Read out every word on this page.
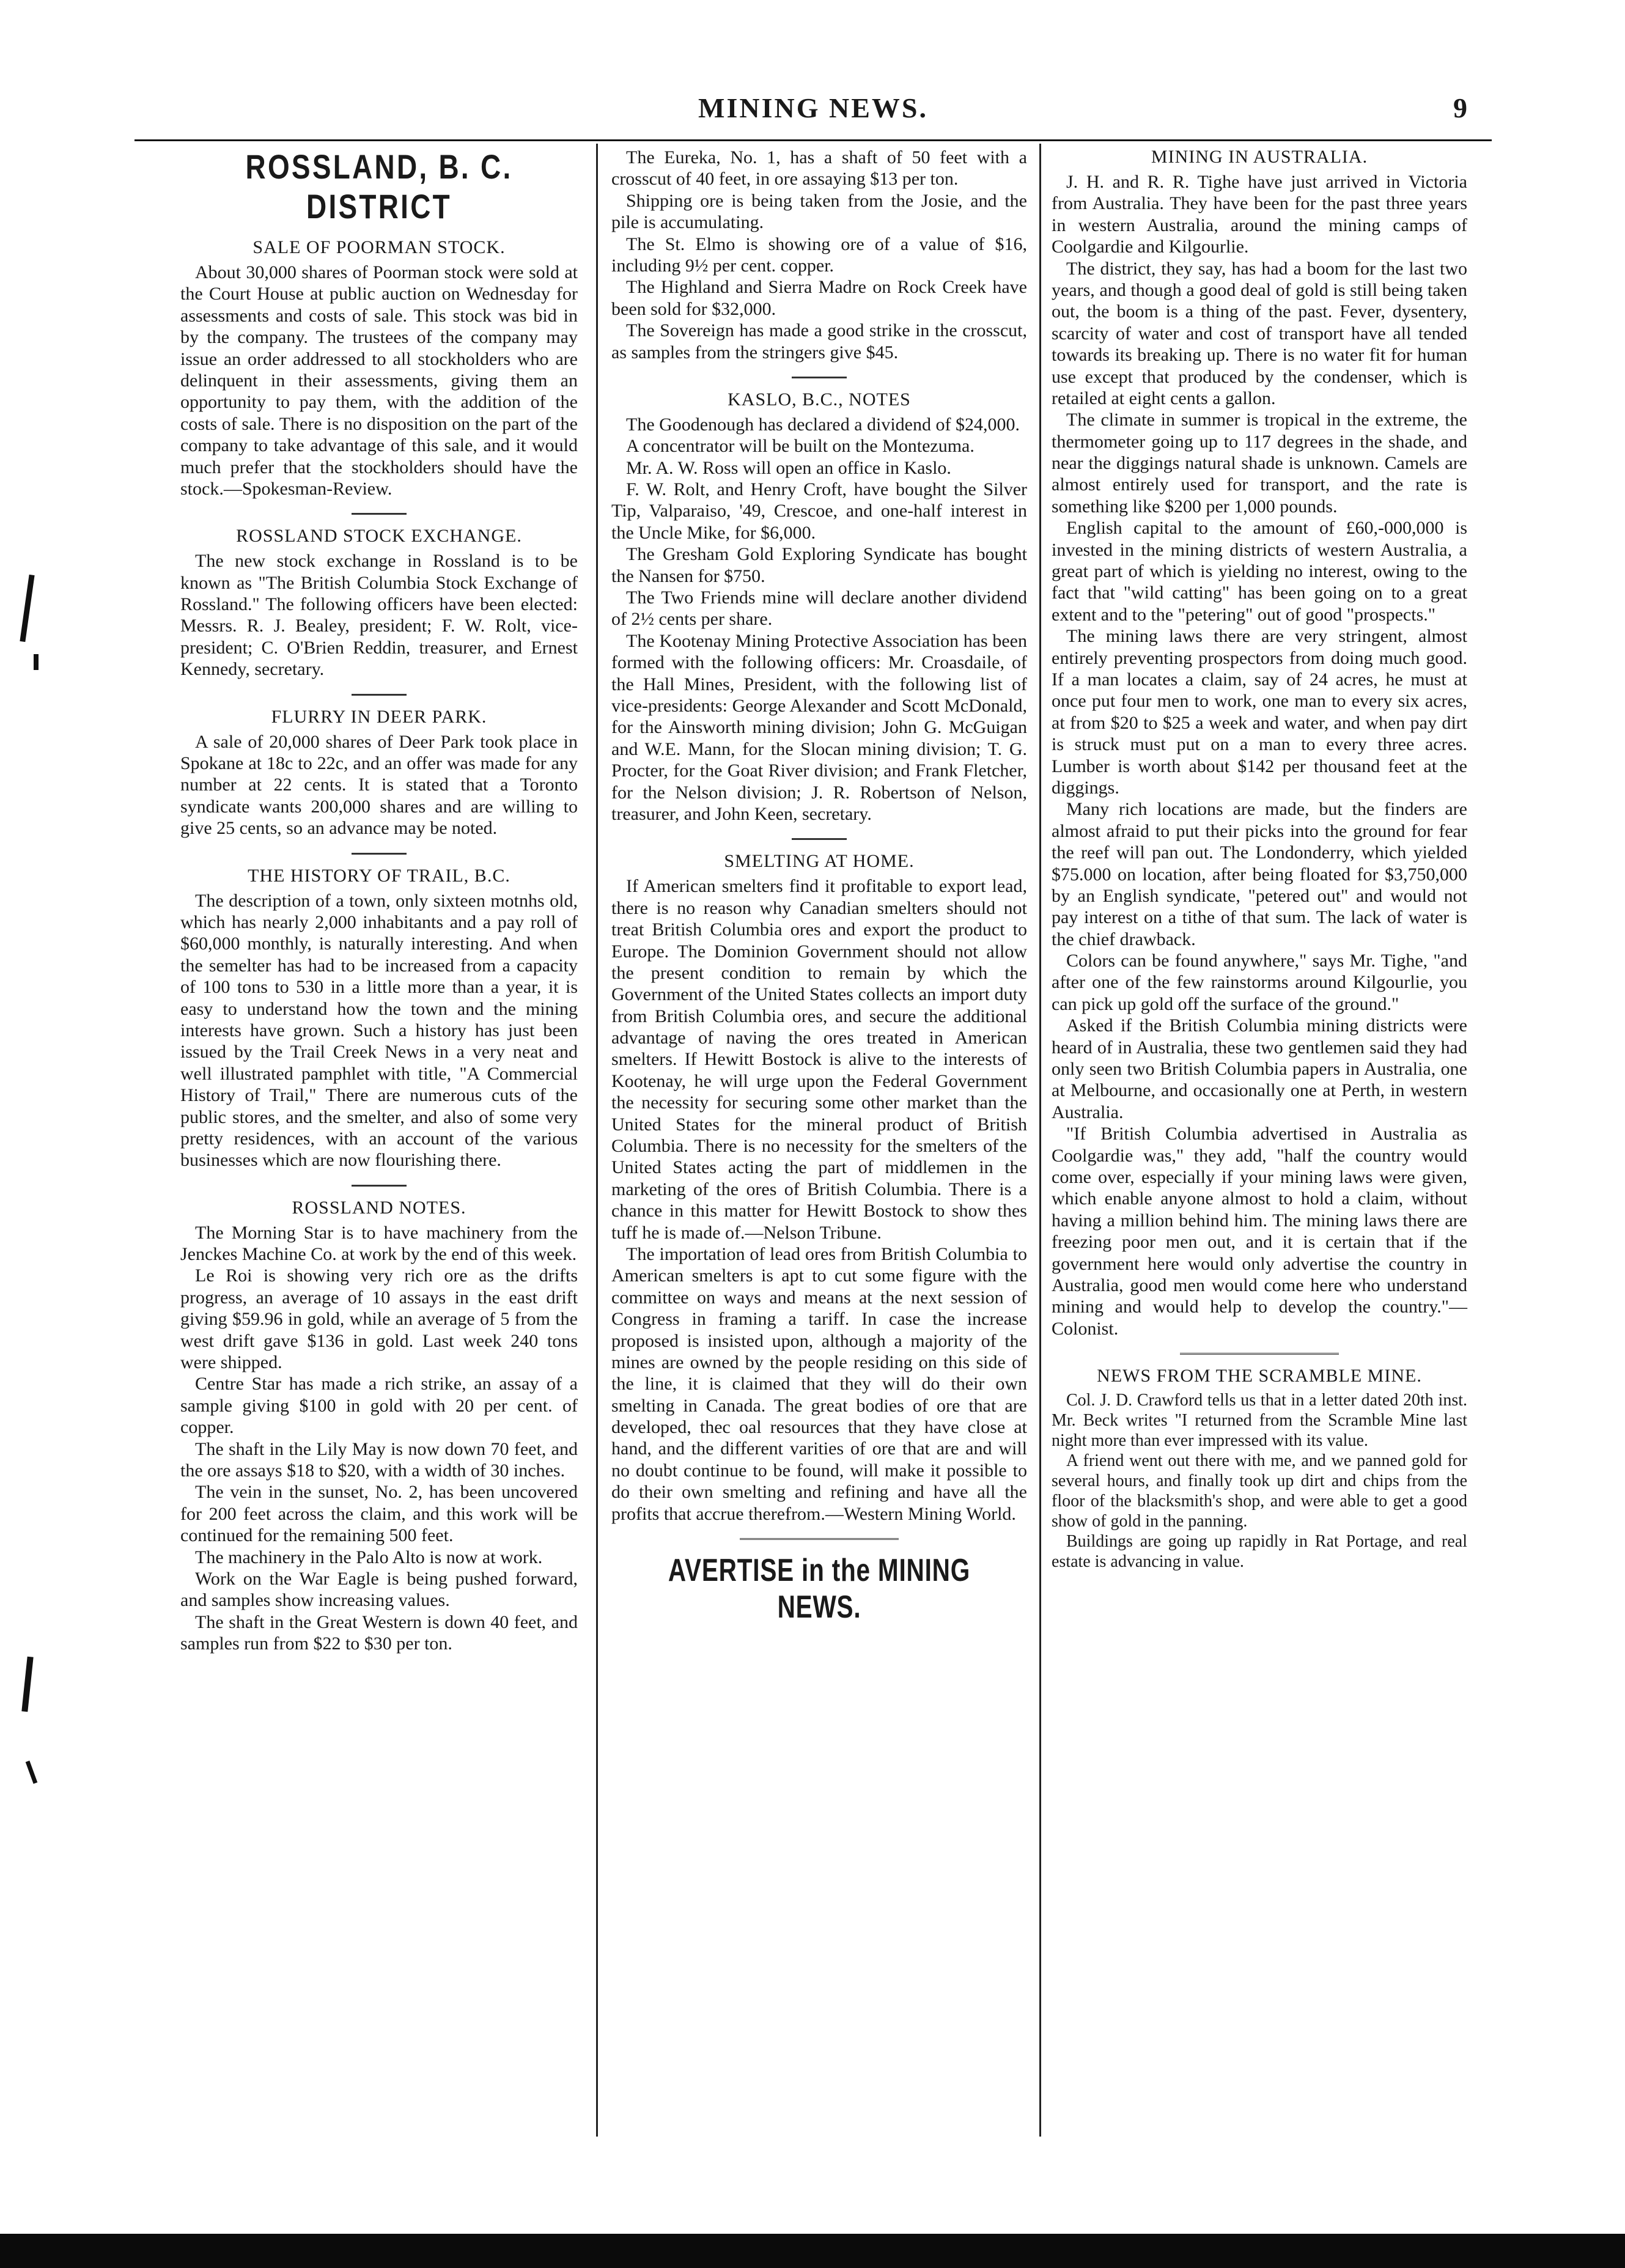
MINING NEWS.	9
ROSSLAND, B. C. DISTRICT
SALE OF POORMAN STOCK.

About 30,000 shares of Poorman stock were sold at the Court House at public auction on Wednesday for assessments and costs of sale. This stock was bid in by the company. The trustees of the company may issue an order addressed to all stockholders who are delinquent in their assessments, giving them an opportunity to pay them, with the addition of the costs of sale. There is no disposition on the part of the company to take advantage of this sale, and it would much prefer that the stockholders should have the stock.—Spokesman-Review.

ROSSLAND STOCK EXCHANGE.

The new stock exchange in Rossland is to be known as "The British Columbia Stock Exchange of Rossland." The following officers have been elected: Messrs. R. J. Bealey, president; F. W. Rolt, vice-president; C. O'Brien Reddin, treasurer, and Ernest Kennedy, secretary.

FLURRY IN DEER PARK.

A sale of 20,000 shares of Deer Park took place in Spokane at 18c to 22c, and an offer was made for any number at 22 cents. It is stated that a Toronto syndicate wants 200,000 shares and are willing to give 25 cents, so an advance may be noted.

THE HISTORY OF TRAIL, B.C.

The description of a town, only sixteen motnhs old, which has nearly 2,000 inhabitants and a pay roll of $60,000 monthly, is naturally interesting. And when the semelter has had to be increased from a capacity of 100 tons to 530 in a little more than a year, it is easy to understand how the town and the mining interests have grown. Such a history has just been issued by the Trail Creek News in a very neat and well illustrated pamphlet with title, "A Commercial History of Trail," There are numerous cuts of the public stores, and the smelter, and also of some very pretty residences, with an account of the various businesses which are now flourishing there.

ROSSLAND NOTES.

The Morning Star is to have machinery from the Jenckes Machine Co. at work by the end of this week.

Le Roi is showing very rich ore as the drifts progress, an average of 10 assays in the east drift giving $59.96 in gold, while an average of 5 from the west drift gave $136 in gold. Last week 240 tons were shipped.

Centre Star has made a rich strike, an assay of a sample giving $100 in gold with 20 per cent. of copper.

The shaft in the Lily May is now down 70 feet, and the ore assays $18 to $20, with a width of 30 inches.

The vein in the sunset, No. 2, has been uncovered for 200 feet across the claim, and this work will be continued for the remaining 500 feet.

The machinery in the Palo Alto is now at work.

Work on the War Eagle is being pushed forward, and samples show increasing values.

The shaft in the Great Western is down 40 feet, and samples run from $22 to $30 per ton.

The Eureka, No. 1, has a shaft of 50 feet with a crosscut of 40 feet, in ore assaying $13 per ton.

Shipping ore is being taken from the Josie, and the pile is accumulating.

The St. Elmo is showing ore of a value of $16, including 9½ per cent. copper.

The Highland and Sierra Madre on Rock Creek have been sold for $32,000.

The Sovereign has made a good strike in the crosscut, as samples from the stringers give $45.

KASLO, B.C., NOTES

The Goodenough has declared a dividend of $24,000.

A concentrator will be built on the Montezuma.

Mr. A. W. Ross will open an office in Kaslo.

F. W. Rolt, and Henry Croft, have bought the Silver Tip, Valparaiso, '49, Crescoe, and one-half interest in the Uncle Mike, for $6,000.

The Gresham Gold Exploring Syndicate has bought the Nansen for $750.

The Two Friends mine will declare another dividend of 2½ cents per share.

The Kootenay Mining Protective Association has been formed with the following officers: Mr. Croasdaile, of the Hall Mines, President, with the following list of vice-presidents: George Alexander and Scott McDonald, for the Ainsworth mining division; John G. McGuigan and W.E. Mann, for the Slocan mining division; T. G. Procter, for the Goat River division; and Frank Fletcher, for the Nelson division; J. R. Robertson of Nelson, treasurer, and John Keen, secretary.

SMELTING AT HOME.

If American smelters find it profitable to export lead, there is no reason why Canadian smelters should not treat British Columbia ores and export the product to Europe. The Dominion Government should not allow the present condition to remain by which the Government of the United States collects an import duty from British Columbia ores, and secure the additional advantage of naving the ores treated in American smelters. If Hewitt Bostock is alive to the interests of Kootenay, he will urge upon the Federal Government the necessity for securing some other market than the United States for the mineral product of British Columbia. There is no necessity for the smelters of the United States acting the part of middlemen in the marketing of the ores of British Columbia. There is a chance in this matter for Hewitt Bostock to show thes tuff he is made of.—Nelson Tribune.

The importation of lead ores from British Columbia to American smelters is apt to cut some figure with the committee on ways and means at the next session of Congress in framing a tariff. In case the increase proposed is insisted upon, although a majority of the mines are owned by the people residing on this side of the line, it is claimed that they will do their own smelting in Canada. The great bodies of ore that are developed, thec oal resources that they have close at hand, and the different varities of ore that are and will no doubt continue to be found, will make it possible to do their own smelting and refining and have all the profits that accrue therefrom.—Western Mining World.

AVERTISE in the MINING NEWS.
MINING IN AUSTRALIA.

J. H. and R. R. Tighe have just arrived in Victoria from Australia. They have been for the past three years in western Australia, around the mining camps of Coolgardie and Kilgourlie.

The district, they say, has had a boom for the last two years, and though a good deal of gold is still being taken out, the boom is a thing of the past. Fever, dysentery, scarcity of water and cost of transport have all tended towards its breaking up. There is no water fit for human use except that produced by the condenser, which is retailed at eight cents a gallon.

The climate in summer is tropical in the extreme, the thermometer going up to 117 degrees in the shade, and near the diggings natural shade is unknown. Camels are almost entirely used for transport, and the rate is something like $200 per 1,000 pounds.

English capital to the amount of £60,-000,000 is invested in the mining districts of western Australia, a great part of which is yielding no interest, owing to the fact that "wild catting" has been going on to a great extent and to the "petering" out of good "prospects."

The mining laws there are very stringent, almost entirely preventing prospectors from doing much good. If a man locates a claim, say of 24 acres, he must at once put four men to work, one man to every six acres, at from $20 to $25 a week and water, and when pay dirt is struck must put on a man to every three acres. Lumber is worth about $142 per thousand feet at the diggings.

Many rich locations are made, but the finders are almost afraid to put their picks into the ground for fear the reef will pan out. The Londonderry, which yielded $75.000 on location, after being floated for $3,750,000 by an English syndicate, "petered out" and would not pay interest on a tithe of that sum. The lack of water is the chief drawback.

Colors can be found anywhere," says Mr. Tighe, "and after one of the few rainstorms around Kilgourlie, you can pick up gold off the surface of the ground."

Asked if the British Columbia mining districts were heard of in Australia, these two gentlemen said they had only seen two British Columbia papers in Australia, one at Melbourne, and occasionally one at Perth, in western Australia.

"If British Columbia advertised in Australia as Coolgardie was," they add, "half the country would come over, especially if your mining laws were given, which enable anyone almost to hold a claim, without having a million behind him. The mining laws there are freezing poor men out, and it is certain that if the government here would only advertise the country in Australia, good men would come here who understand mining and would help to develop the country."—Colonist.

NEWS FROM THE SCRAMBLE MINE.

Col. J. D. Crawford tells us that in a letter dated 20th inst. Mr. Beck writes "I returned from the Scramble Mine last night more than ever impressed with its value.

A friend went out there with me, and we panned gold for several hours, and finally took up dirt and chips from the floor of the blacksmith's shop, and were able to get a good show of gold in the panning.

Buildings are going up rapidly in Rat Portage, and real estate is advancing in value.
